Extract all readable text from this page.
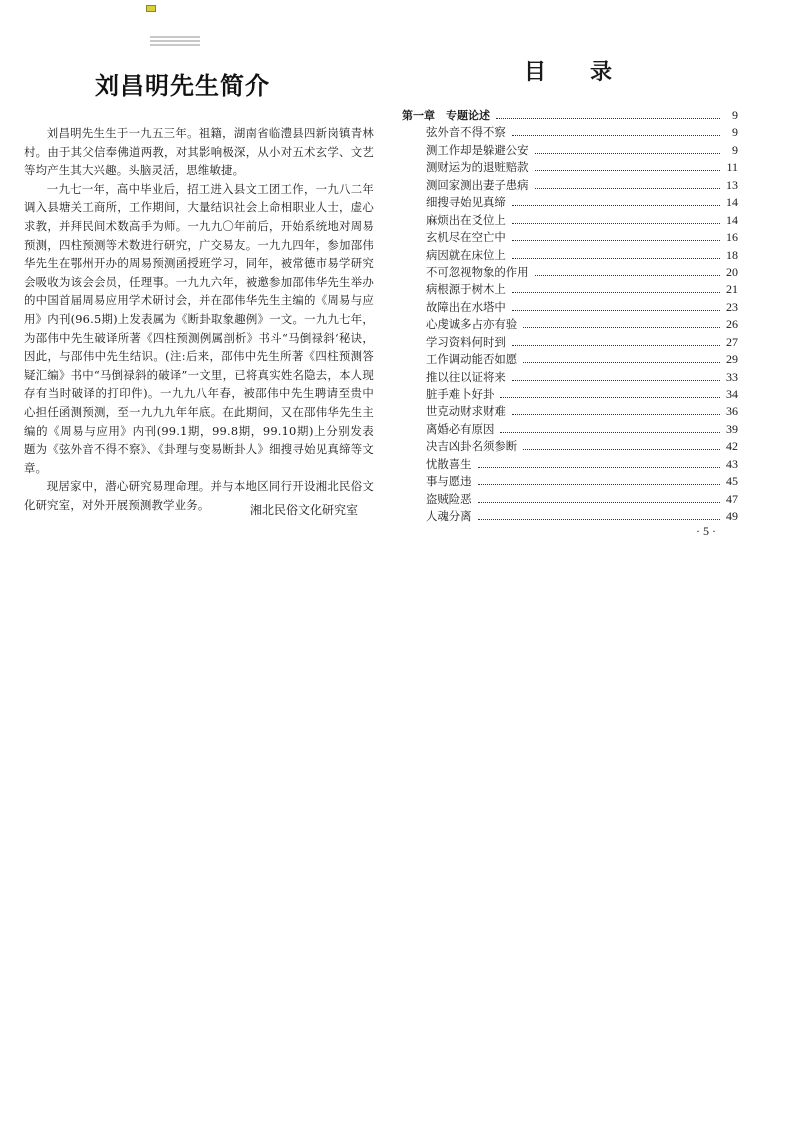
刘昌明先生简介

刘昌明先生生于一九五三年。祖籍，湖南省临澧县四新岗镇青林村。由于其父信奉佛道两教，对其影响极深，从小对五术玄学、文艺等均产生其大兴趣。头脑灵活，思维敏捷。

一九七一年，高中毕业后，招工进入县文工团工作，一九八二年调入县塘关工商所，工作期间，大量结识社会上命相职业人士，虚心求教，并拜民间术数高手为师。一九九〇年前后，开始系统地对周易预测，四柱预测等术数进行研究，广交易友。一九九四年，参加邵伟华先生在鄂州开办的周易预测函授班学习，同年，被常德市易学研究会吸收为该会会员，任理事。一九九六年，被邀参加邵伟华先生举办的中国首届周易应用学术研讨会，并在邵伟华先生主编的《周易与应用》内刊(96.5期)上发表属为《断卦取象趣例》一文。一九九七年，为邵伟中先生破译所著《四柱预测例属剖析》书斗“马倒禄斜‘秘诀，因此，与邵伟中先生结识。(注:后来，邵伟中先生所著《四柱预测答疑汇编》书中“马倒禄斜的破译”一文里，已将真实姓名隐去，本人现存有当时破译的打印件)。一九九八年春，被邵伟中先生聘请至贵中心担任函测预测，至一九九九年年底。在此期间，又在邵伟华先生主编的《周易与应用》内刊(99.1期，99.8期，99.10期)上分别发表题为《弦外音不得不察》、《卦理与变易断卦人》细搜寻始见真缔等文章。

现居家中，潜心研究易理命理。并与本地区同行开设湘北民俗文化研究室，对外开展预测教学业务。	湘北民俗文化研究室
目录
第一章　专题论述	9
弦外音不得不察	9
测工作却是躲避公安	9
测财运为的退赃赔款	11
测回家测出妻子患病	13
细搜寻始见真缔	14
麻烦出在爻位上	14
玄机尽在空亡中	16
病因就在床位上	18
不可忽视物象的作用	20
病根源于树木上	21
故障出在水塔中	23
心虔诚多占亦有验	26
学习资料何时到	27
工作调动能否如愿	29
推以往以证将来	33
脏手难卜好卦	34
世克动财求财难	36
离婚必有原因	39
决吉凶卦名须参断	42
忧散喜生	43
事与愿违	45
盗贼险恶	47
人魂分离	49
· 5 ·
